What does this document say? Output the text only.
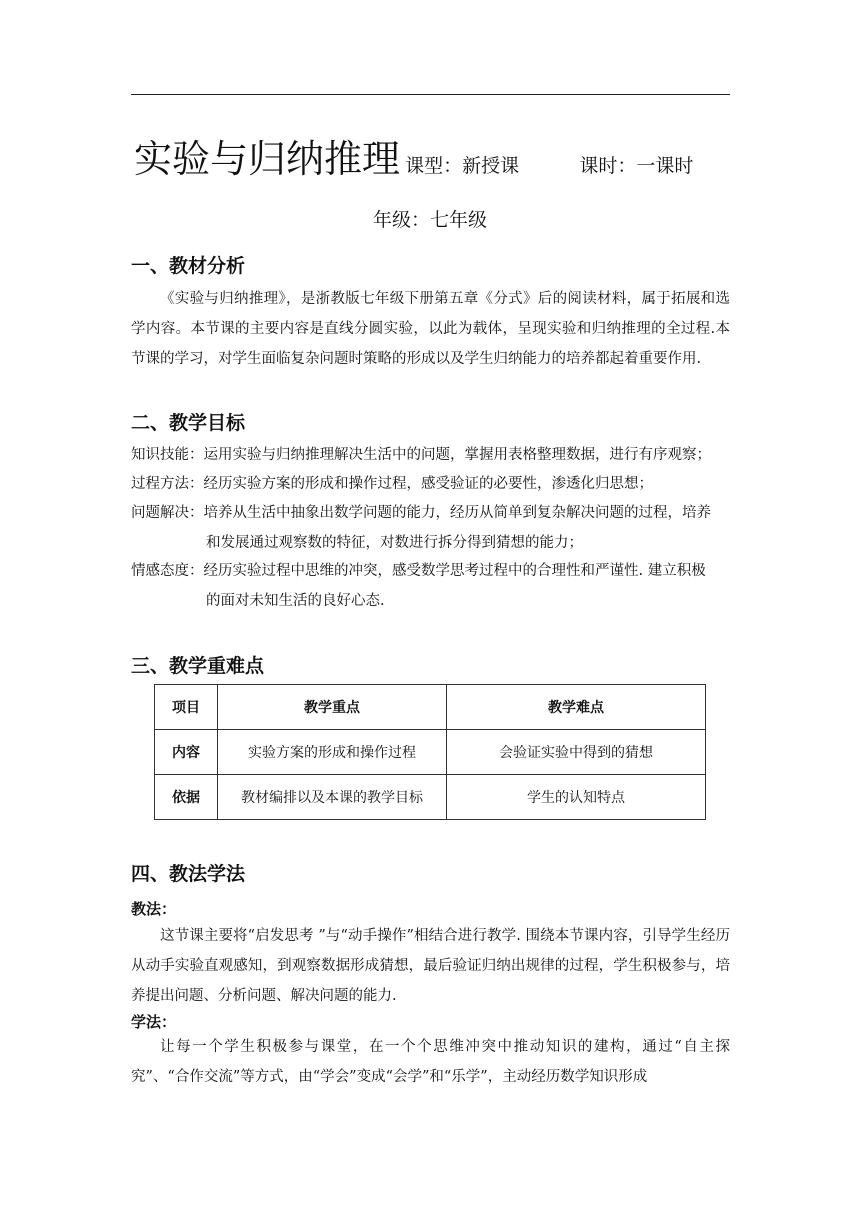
实验与归纳推理 课型：新授课	课时：一课时
年级：七年级
一、教材分析
《实验与归纳推理》，是浙教版七年级下册第五章《分式》后的阅读材料，属于拓展和选学内容。本节课的主要内容是直线分圆实验，以此为载体，呈现实验和归纳推理的全过程.本节课的学习，对学生面临复杂问题时策略的形成以及学生归纳能力的培养都起着重要作用.
二、教学目标
知识技能：运用实验与归纳推理解决生活中的问题，掌握用表格整理数据，进行有序观察；
过程方法：经历实验方案的形成和操作过程，感受验证的必要性，渗透化归思想；
问题解决：培养从生活中抽象出数学问题的能力，经历从简单到复杂解决问题的过程，培养
和发展通过观察数的特征，对数进行拆分得到猜想的能力；
情感态度：经历实验过程中思维的冲突，感受数学思考过程中的合理性和严谨性. 建立积极
的面对未知生活的良好心态.
三、教学重难点
项目	教学重点	教学难点
内容	实验方案的形成和操作过程	会验证实验中得到的猜想
依据	教材编排以及本课的教学目标	学生的认知特点
四、教法学法
教法：
这节课主要将“启发思考 ”与“动手操作”相结合进行教学. 围绕本节课内容，引导学生经历从动手实验直观感知，到观察数据形成猜想，最后验证归纳出规律的过程，学生积极参与，培养提出问题、分析问题、解决问题的能力.
学法：
让每一个学生积极参与课堂，在一个个思维冲突中推动知识的建构，通过“自主探究”、“合作交流”等方式，由“学会”变成“会学”和“乐学”，主动经历数学知识形成
